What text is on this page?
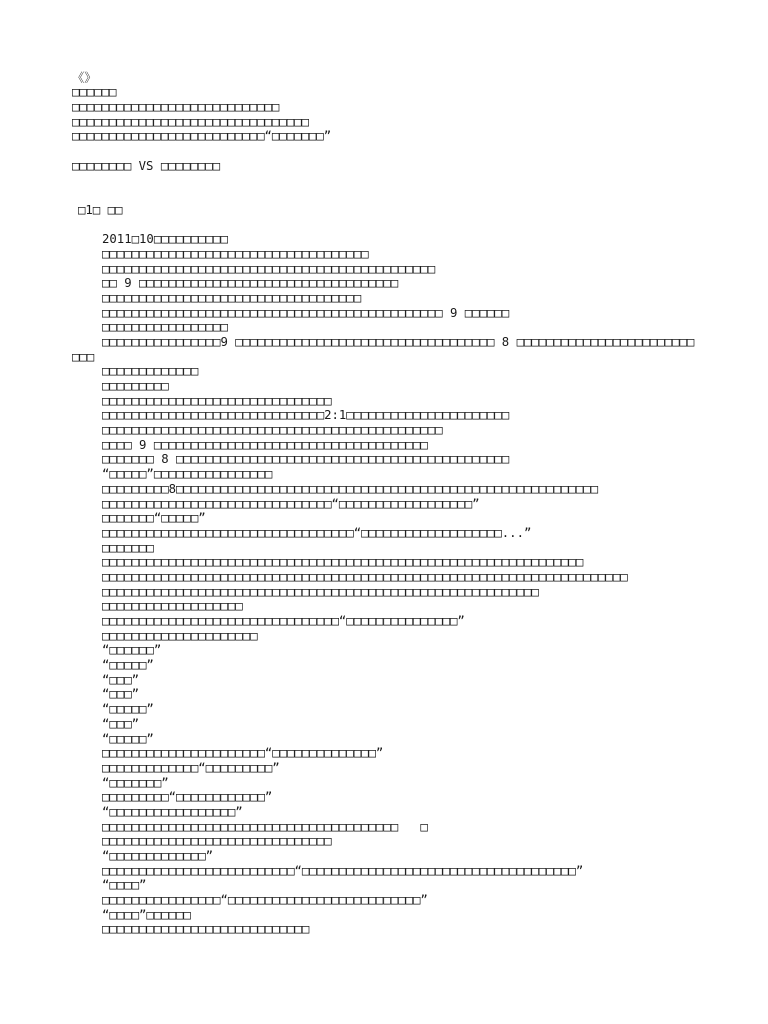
《》
□□□□□□
□□□□□□□□□□□□□□□□□□□□□□□□□□□□
□□□□□□□□□□□□□□□□□□□□□□□□□□□□□□□□
□□□□□□□□□□□□□□□□□□□□□□□□□□“□□□□□□□”
□□□□□□□□ VS □□□□□□□□
□1□ □□
2011□10□□□□□□□□□□
□□□□□□□□□□□□□□□□□□□□□□□□□□□□□□□□□□□□
□□□□□□□□□□□□□□□□□□□□□□□□□□□□□□□□□□□□□□□□□□□□□
□□ 9 □□□□□□□□□□□□□□□□□□□□□□□□□□□□□□□□□□□
□□□□□□□□□□□□□□□□□□□□□□□□□□□□□□□□□□□
□□□□□□□□□□□□□□□□□□□□□□□□□□□□□□□□□□□□□□□□□□□□□□ 9 □□□□□□
□□□□□□□□□□□□□□□□□
□□□□□□□□□□□□□□□□9 □□□□□□□□□□□□□□□□□□□□□□□□□□□□□□□□□□□ 8 □□□□□□□□□□□□□□□□□□□□□□□□
□□□
□□□□□□□□□□□□□
□□□□□□□□□
□□□□□□□□□□□□□□□□□□□□□□□□□□□□□□□
□□□□□□□□□□□□□□□□□□□□□□□□□□□□□□2:1□□□□□□□□□□□□□□□□□□□□□□
□□□□□□□□□□□□□□□□□□□□□□□□□□□□□□□□□□□□□□□□□□□□□□
□□□□ 9 □□□□□□□□□□□□□□□□□□□□□□□□□□□□□□□□□□□□□
□□□□□□□ 8 □□□□□□□□□□□□□□□□□□□□□□□□□□□□□□□□□□□□□□□□□□□□□
“□□□□□”□□□□□□□□□□□□□□□□
□□□□□□□□□8□□□□□□□□□□□□□□□□□□□□□□□□□□□□□□□□□□□□□□□□□□□□□□□□□□□□□□□□□
□□□□□□□□□□□□□□□□□□□□□□□□□□□□□□□“□□□□□□□□□□□□□□□□□□”
□□□□□□□“□□□□□”
□□□□□□□□□□□□□□□□□□□□□□□□□□□□□□□□□□“□□□□□□□□□□□□□□□□□□□...”
□□□□□□□
□□□□□□□□□□□□□□□□□□□□□□□□□□□□□□□□□□□□□□□□□□□□□□□□□□□□□□□□□□□□□□□□□
□□□□□□□□□□□□□□□□□□□□□□□□□□□□□□□□□□□□□□□□□□□□□□□□□□□□□□□□□□□□□□□□□□□□□□□
□□□□□□□□□□□□□□□□□□□□□□□□□□□□□□□□□□□□□□□□□□□□□□□□□□□□□□□□□□□
□□□□□□□□□□□□□□□□□□□
□□□□□□□□□□□□□□□□□□□□□□□□□□□□□□□□“□□□□□□□□□□□□□□□”
□□□□□□□□□□□□□□□□□□□□□
“□□□□□□”
“□□□□□”
“□□□”
“□□□”
“□□□□□”
“□□□”
“□□□□□”
□□□□□□□□□□□□□□□□□□□□□□“□□□□□□□□□□□□□□”
□□□□□□□□□□□□□“□□□□□□□□□”
“□□□□□□□”
□□□□□□□□□“□□□□□□□□□□□□”
“□□□□□□□□□□□□□□□□□”
□□□□□□□□□□□□□□□□□□□□□□□□□□□□□□□□□□□□□□□□   □
□□□□□□□□□□□□□□□□□□□□□□□□□□□□□□□
“□□□□□□□□□□□□□”
□□□□□□□□□□□□□□□□□□□□□□□□□□“□□□□□□□□□□□□□□□□□□□□□□□□□□□□□□□□□□□□□”
“□□□□”
□□□□□□□□□□□□□□□□“□□□□□□□□□□□□□□□□□□□□□□□□□□”
“□□□□”□□□□□□
□□□□□□□□□□□□□□□□□□□□□□□□□□□□
